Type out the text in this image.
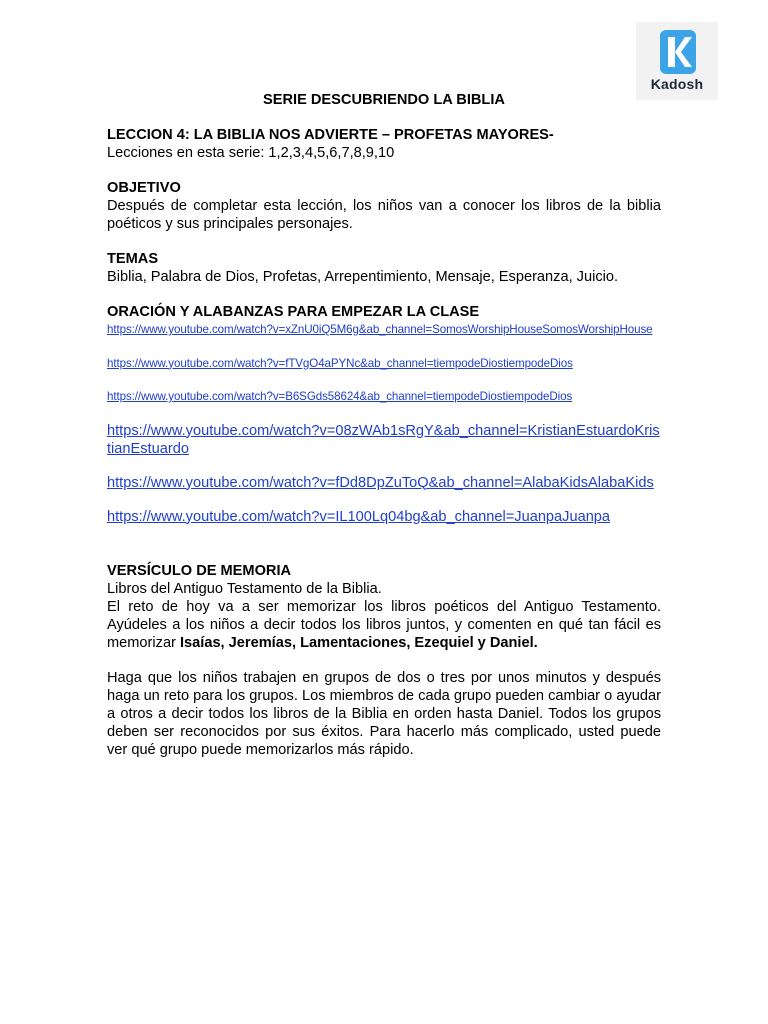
Kadosh
SERIE DESCUBRIENDO LA BIBLIA
LECCION 4: LA BIBLIA NOS ADVIERTE – PROFETAS MAYORES-
Lecciones en esta serie: 1,2,3,4,5,6,7,8,9,10
OBJETIVO
Después de completar esta lección, los niños van a conocer los libros de la biblia poéticos y sus principales personajes.
TEMAS
Biblia, Palabra de Dios, Profetas, Arrepentimiento, Mensaje, Esperanza, Juicio.
ORACIÓN Y ALABANZAS PARA EMPEZAR LA CLASE
https://www.youtube.com/watch?v=xZnU0iQ5M6g&ab_channel=SomosWorshipHouseSomosWorshipHouse
https://www.youtube.com/watch?v=fTVgO4aPYNc&ab_channel=tiempodeDiostiempodeDios
https://www.youtube.com/watch?v=B6SGds58624&ab_channel=tiempodeDiostiempodeDios
https://www.youtube.com/watch?v=08zWAb1sRgY&ab_channel=KristianEstuardoKristianEstuardo
https://www.youtube.com/watch?v=fDd8DpZuToQ&ab_channel=AlabaKidsAlabaKids
https://www.youtube.com/watch?v=IL100Lq04bg&ab_channel=JuanpaJuanpa
VERSÍCULO DE MEMORIA
Libros del Antiguo Testamento de la Biblia.
El reto de hoy va a ser memorizar los libros poéticos del Antiguo Testamento. Ayúdeles a los niños a decir todos los libros juntos, y comenten en qué tan fácil es memorizar Isaías, Jeremías, Lamentaciones, Ezequiel y Daniel.
Haga que los niños trabajen en grupos de dos o tres por unos minutos y después haga un reto para los grupos. Los miembros de cada grupo pueden cambiar o ayudar a otros a decir todos los libros de la Biblia en orden hasta Daniel. Todos los grupos deben ser reconocidos por sus éxitos. Para hacerlo más complicado, usted puede ver qué grupo puede memorizarlos más rápido.
